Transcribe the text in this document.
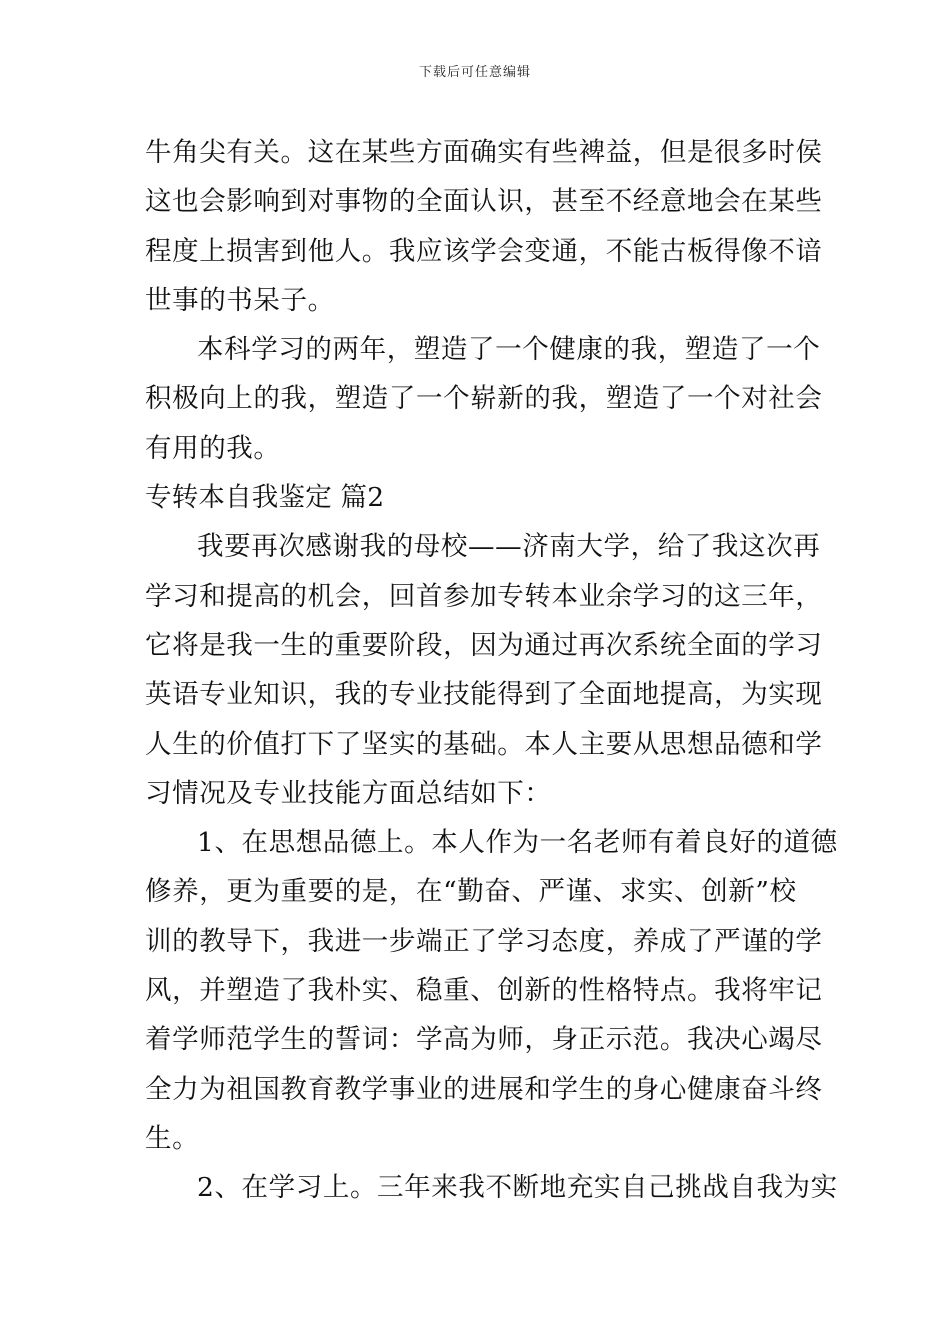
下载后可任意编辑
牛角尖有关。这在某些方面确实有些裨益，但是很多时侯
这也会影响到对事物的全面认识，甚至不经意地会在某些
程度上损害到他人。我应该学会变通，不能古板得像不谙
世事的书呆子。
本科学习的两年，塑造了一个健康的我，塑造了一个
积极向上的我，塑造了一个崭新的我，塑造了一个对社会
有用的我。
专转本自我鉴定 篇2
我要再次感谢我的母校——济南大学，给了我这次再
学习和提高的机会，回首参加专转本业余学习的这三年，
它将是我一生的重要阶段，因为通过再次系统全面的学习
英语专业知识，我的专业技能得到了全面地提高，为实现
人生的价值打下了坚实的基础。本人主要从思想品德和学
习情况及专业技能方面总结如下：
1、在思想品德上。本人作为一名老师有着良好的道德
修养，更为重要的是，在“勤奋、严谨、求实、创新”校
训的教导下，我进一步端正了学习态度，养成了严谨的学
风，并塑造了我朴实、稳重、创新的性格特点。我将牢记
着学师范学生的誓词：学高为师，身正示范。我决心竭尽
全力为祖国教育教学事业的进展和学生的身心健康奋斗终
生。
2、在学习上。三年来我不断地充实自己挑战自我为实
